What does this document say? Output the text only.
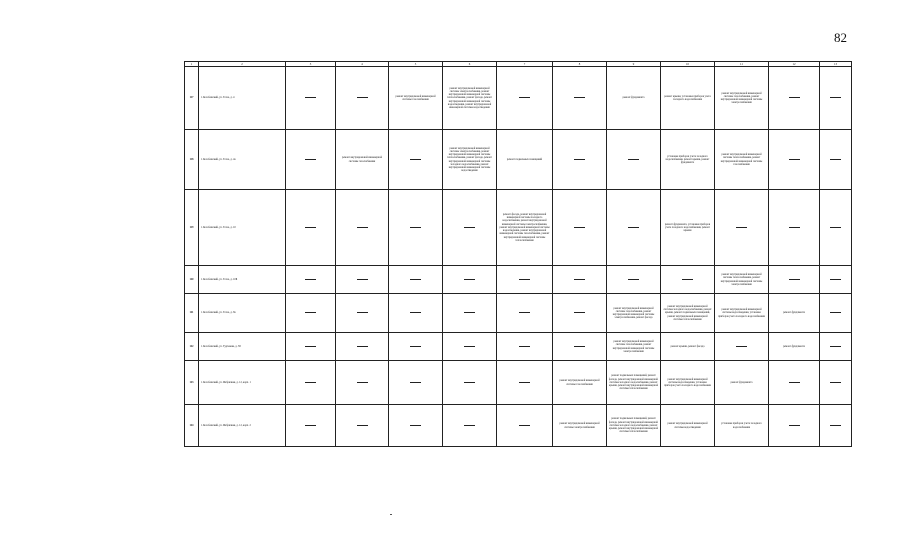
82
1	2	3	4	5	6	7	8	9	10	11	12	13
117	г. Козобашский, ул. Тотоа, д. 4			ремонт внутридомовой инженерной системы газоснабжения	ремонт внутридомовой инженерной системы электроснабжения, ремонт внутридомовой инженерной системы теплоснабжения, ремонт фасада, ремонт внутридомовой инженерной системы водоотведения, ремонт внутридомовой инженерной системы водоотведения			ремонт фундамента	ремонт крыши, установка приборов учета холодного водоснабжения	ремонт внутридомовой инженерной системы газоснабжения, ремонт внутридомовой инженерной системы электроснабжения		
118	г. Козобашский, ул. Тотоа, д. 4а		ремонт внутридомовой инженерной системы газоснабжения		ремонт внутридомовой инженерной системы электроснабжения, ремонт внутридомовой инженерной системы теплоснабжения, ремонт фасада, ремонт внутридомовой инженерной системы холодного водоснабжения, ремонт внутридомовой инженерной системы водоотведения	ремонт подвальных помещений			установка приборов учета холодного водоснабжения, ремонт крыши, ремонт фундамента	ремонт внутридомовой инженерной системы теплоснабжения, ремонт внутридомовой инженерной системы газоснабжения		
119	г. Козобашский, ул. Тотоа, д. 10					ремонт фасада, ремонт внутридомовой инженерной системы холодного водоснабжения, ремонт внутридомовой инженерной системы электроснабжения, ремонт внутридомовой инженерной системы водоотведения, ремонт внутридомовой инженерной системы газоснабжения, ремонт внутридомовой инженерной системы теплоснабжения			ремонт фундамента, установка приборов учета холодного водоснабжения, ремонт крыши			
120	г. Козобашский, ул. Тотоа, д. 10Б									ремонт внутридомовой инженерной системы теплоснабжения, ремонт внутридомовой инженерной системы электроснабжения		
121	г. Козобашский, ул. Тотоа, д. 8а							ремонт внутридомовой инженерной системы газоснабжения, ремонт внутридомовой инженерной системы электроснабжения, ремонт фасада	ремонт внутридомовой инженерной системы холодного водоснабжения, ремонт крыши, ремонт подвальных помещений, ремонт внутридомовой инженерной системы теплоснабжения	ремонт внутридомовой инженерной системы водоотведения, установка приборов учета холодного водоснабжения	ремонт фундамента	
122	г. Козобашский, ул. Тургенева, д. 38							ремонт внутридомовой инженерной системы газоснабжения, ремонт внутридомовой инженерной системы электроснабжения	ремонт крыши, ремонт фасада		ремонт фундамента	
123	г. Козобашский, ул. Фабричная, д. 12, корп. 1						ремонт внутридомовой инженерной системы газоснабжения	ремонт подвальных помещений, ремонт фасада, ремонт внутридомовой инженерной системы холодного водоснабжения, ремонт крыши, ремонт внутридомовой инженерной системы теплоснабжения	ремонт внутридомовой инженерной системы водоотведения, установка приборов учета холодного водоснабжения	ремонт фундамента		
124	г. Козобашский, ул. Фабричная, д. 12, корп. 2						ремонт внутридомовой инженерной системы электроснабжения	ремонт подвальных помещений, ремонт фасада, ремонт внутридомовой инженерной системы холодного водоснабжения, ремонт крыши, ремонт внутридомовой инженерной системы теплоснабжения	ремонт внутридомовой инженерной системы водоотведения	установка приборов учета холодного водоснабжения		
